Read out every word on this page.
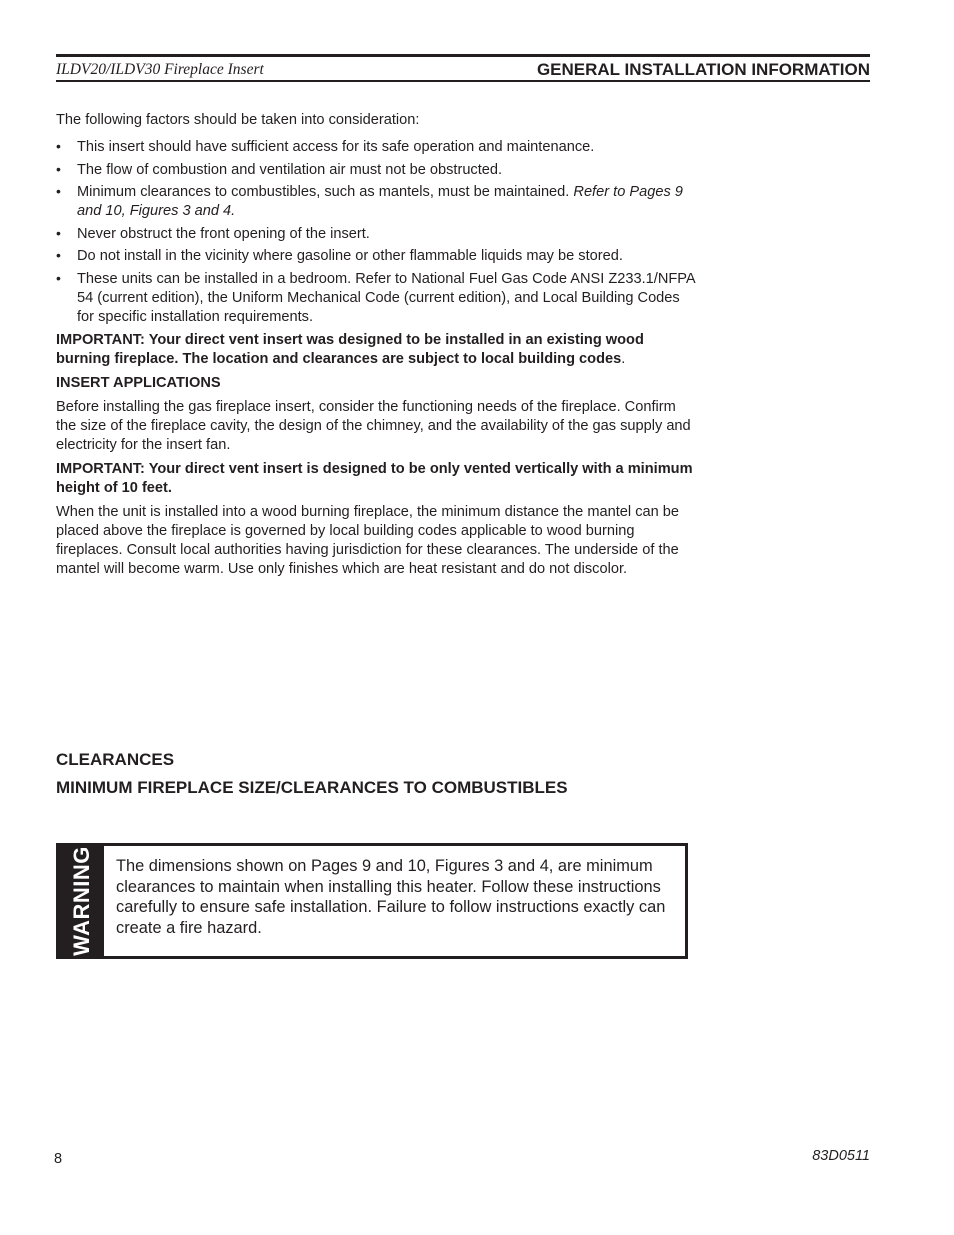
ILDV20/ILDV30 Fireplace Insert	GENERAL INSTALLATION INFORMATION
The following factors should be taken into consideration:
• This insert should have sufficient access for its safe operation and maintenance.
• The flow of combustion and ventilation air must not be obstructed.
• Minimum clearances to combustibles, such as mantels, must be maintained. Refer to Pages 9 and 10, Figures 3 and 4.
• Never obstruct the front opening of the insert.
• Do not install in the vicinity where gasoline or other flammable liquids may be stored.
• These units can be installed in a bedroom. Refer to National Fuel Gas Code ANSI Z233.1/NFPA 54 (current edition), the Uniform Mechanical Code (current edition), and Local Building Codes for specific installation requirements.
IMPORTANT: Your direct vent insert was designed to be installed in an existing wood burning fireplace. The location and clearances are subject to local building codes.
INSERT APPLICATIONS
Before installing the gas fireplace insert, consider the functioning needs of the fireplace. Confirm the size of the fireplace cavity, the design of the chimney, and the availability of the gas supply and electricity for the insert fan.
IMPORTANT: Your direct vent insert is designed to be only vented vertically with a minimum height of 10 feet.
When the unit is installed into a wood burning fireplace, the minimum distance the mantel can be placed above the fireplace is governed by local building codes applicable to wood burning fireplaces. Consult local authorities having jurisdiction for these clearances. The underside of the mantel will become warm. Use only finishes which are heat resistant and do not discolor.
CLEARANCES
MINIMUM FIREPLACE SIZE/CLEARANCES TO COMBUSTIBLES
WARNING The dimensions shown on Pages 9 and 10, Figures 3 and 4, are minimum clearances to maintain when installing this heater. Follow these instructions carefully to ensure safe installation. Failure to follow instructions exactly can create a fire hazard.
8	83D0511
